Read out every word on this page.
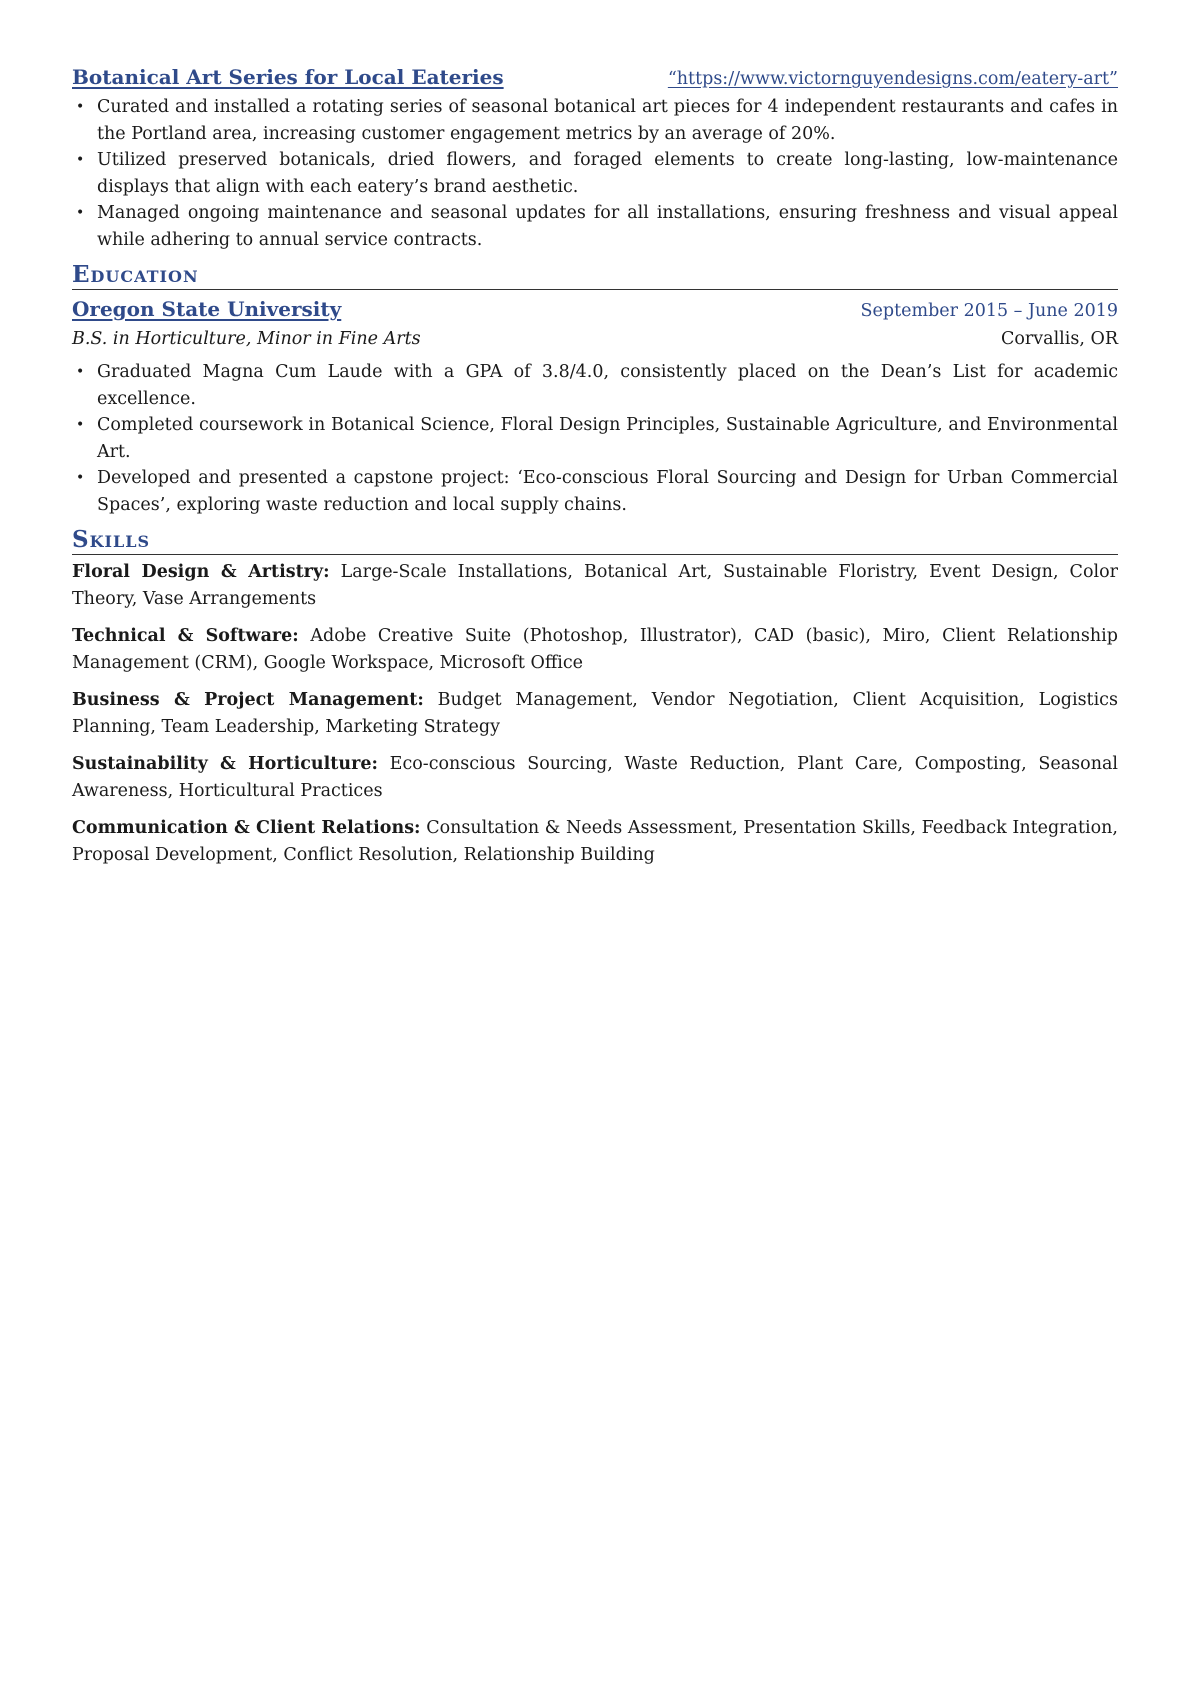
Botanical Art Series for Local Eateries	“https://www.victornguyendesigns.com/eatery-art”
• Curated and installed a rotating series of seasonal botanical art pieces for 4 independent restaurants and cafes in the Portland area, increasing customer engagement metrics by an average of 20%.
• Utilized preserved botanicals, dried flowers, and foraged elements to create long-lasting, low-maintenance displays that align with each eatery’s brand aesthetic.
• Managed ongoing maintenance and seasonal updates for all installations, ensuring freshness and visual appeal while adhering to annual service contracts.
Education
Oregon State University	September 2015 – June 2019
B.S. in Horticulture, Minor in Fine Arts	Corvallis, OR
• Graduated Magna Cum Laude with a GPA of 3.8/4.0, consistently placed on the Dean’s List for academic excellence.
• Completed coursework in Botanical Science, Floral Design Principles, Sustainable Agriculture, and Environmental Art.
• Developed and presented a capstone project: ‘Eco-conscious Floral Sourcing and Design for Urban Commercial Spaces’, exploring waste reduction and local supply chains.
Skills
Floral Design & Artistry: Large-Scale Installations, Botanical Art, Sustainable Floristry, Event Design, Color Theory, Vase Arrangements
Technical & Software: Adobe Creative Suite (Photoshop, Illustrator), CAD (basic), Miro, Client Relationship Management (CRM), Google Workspace, Microsoft Office
Business & Project Management: Budget Management, Vendor Negotiation, Client Acquisition, Logistics Planning, Team Leadership, Marketing Strategy
Sustainability & Horticulture: Eco-conscious Sourcing, Waste Reduction, Plant Care, Composting, Seasonal Awareness, Horticultural Practices
Communication & Client Relations: Consultation & Needs Assessment, Presentation Skills, Feedback Integration, Proposal Development, Conflict Resolution, Relationship Building
